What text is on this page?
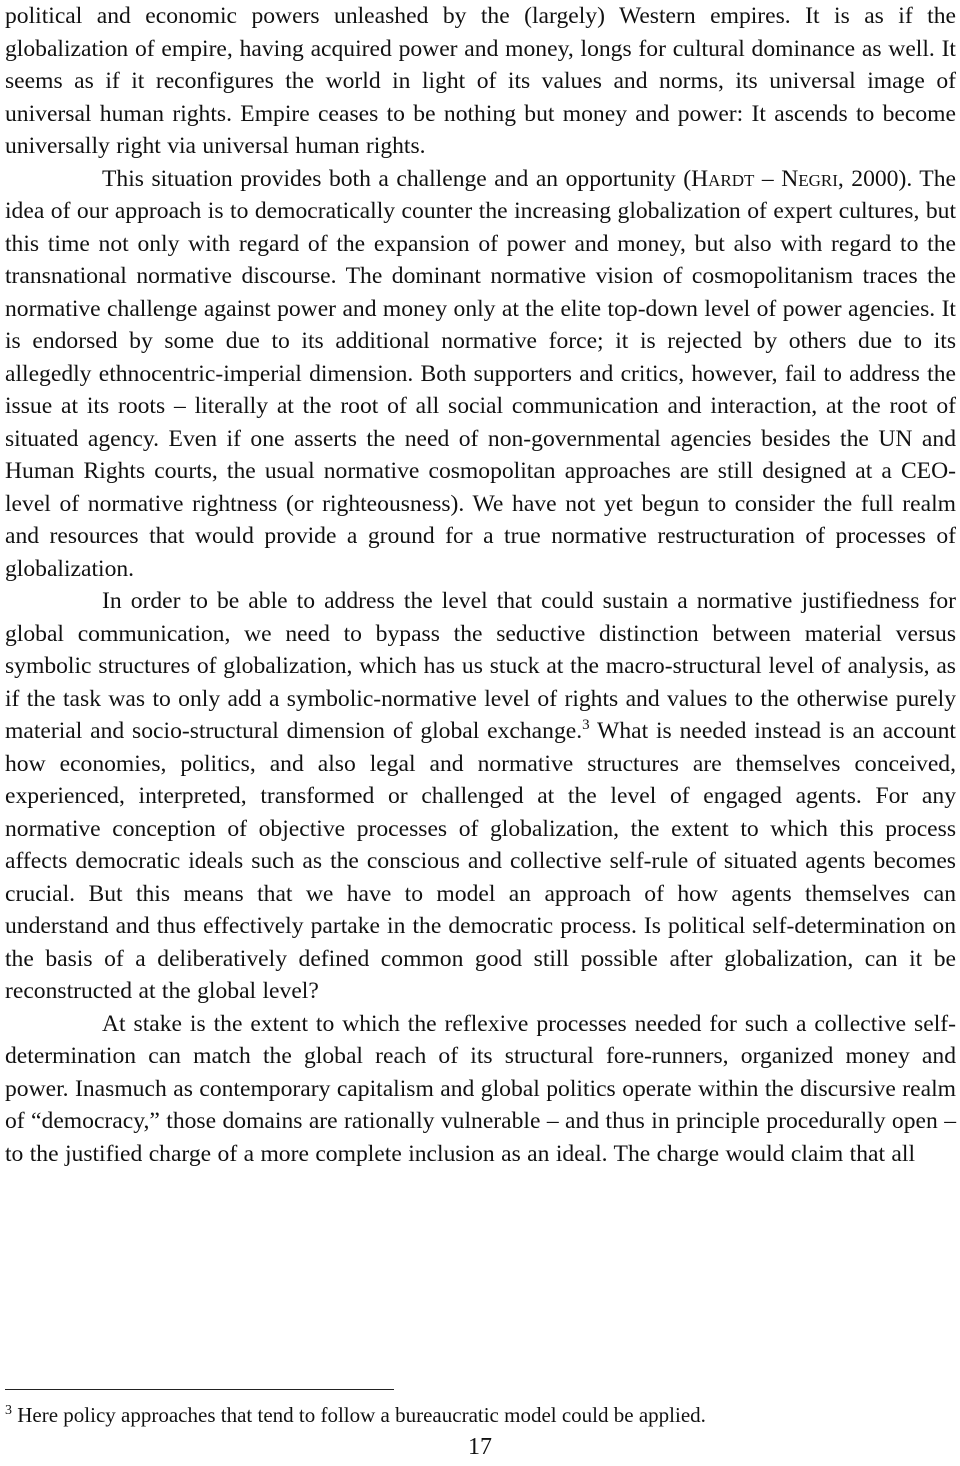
political and economic powers unleashed by the (largely) Western empires. It is as if the globalization of empire, having acquired power and money, longs for cultural dominance as well. It seems as if it reconfigures the world in light of its values and norms, its universal image of universal human rights. Empire ceases to be nothing but money and power: It ascends to become universally right via universal human rights.

This situation provides both a challenge and an opportunity (Hardt – Negri, 2000). The idea of our approach is to democratically counter the increasing globalization of expert cultures, but this time not only with regard of the expansion of power and money, but also with regard to the transnational normative discourse. The dominant normative vision of cosmopolitanism traces the normative challenge against power and money only at the elite top-down level of power agencies. It is endorsed by some due to its additional normative force; it is rejected by others due to its allegedly ethnocentric-imperial dimension. Both supporters and critics, however, fail to address the issue at its roots – literally at the root of all social communication and interaction, at the root of situated agency. Even if one asserts the need of non-governmental agencies besides the UN and Human Rights courts, the usual normative cosmopolitan approaches are still designed at a CEO-level of normative rightness (or righteousness). We have not yet begun to consider the full realm and resources that would provide a ground for a true normative restructuration of processes of globalization.

In order to be able to address the level that could sustain a normative justifiedness for global communication, we need to bypass the seductive distinction between material versus symbolic structures of globalization, which has us stuck at the macro-structural level of analysis, as if the task was to only add a symbolic-normative level of rights and values to the otherwise purely material and socio-structural dimension of global exchange.$^3$ What is needed instead is an account how economies, politics, and also legal and normative structures are themselves conceived, experienced, interpreted, transformed or challenged at the level of engaged agents. For any normative conception of objective processes of globalization, the extent to which this process affects democratic ideals such as the conscious and collective self-rule of situated agents becomes crucial. But this means that we have to model an approach of how agents themselves can understand and thus effectively partake in the democratic process. Is political self-determination on the basis of a deliberatively defined common good still possible after globalization, can it be reconstructed at the global level?

At stake is the extent to which the reflexive processes needed for such a collective self-determination can match the global reach of its structural fore-runners, organized money and power. Inasmuch as contemporary capitalism and global politics operate within the discursive realm of “democracy,” those domains are rationally vulnerable – and thus in principle procedurally open – to the justified charge of a more complete inclusion as an ideal. The charge would claim that all

$^3$ Here policy approaches that tend to follow a bureaucratic model could be applied.
17
